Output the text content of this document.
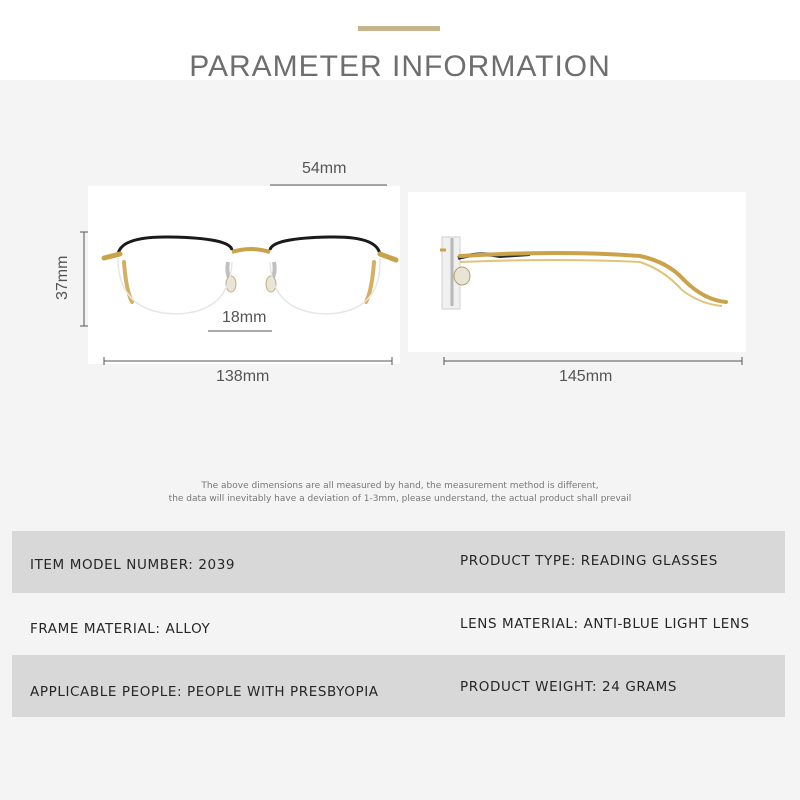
PARAMETER INFORMATION
54mm
37mm
18mm
138mm	145mm
The above dimensions are all measured by hand, the measurement method is different,
the data will inevitably have a deviation of 1-3mm, please understand, the actual product shall prevail
ITEM MODEL NUMBER: 2039	PRODUCT TYPE: READING GLASSES
FRAME MATERIAL: ALLOY	LENS MATERIAL: ANTI-BLUE LIGHT LENS
APPLICABLE PEOPLE: PEOPLE WITH PRESBYOPIA	PRODUCT WEIGHT: 24 GRAMS
